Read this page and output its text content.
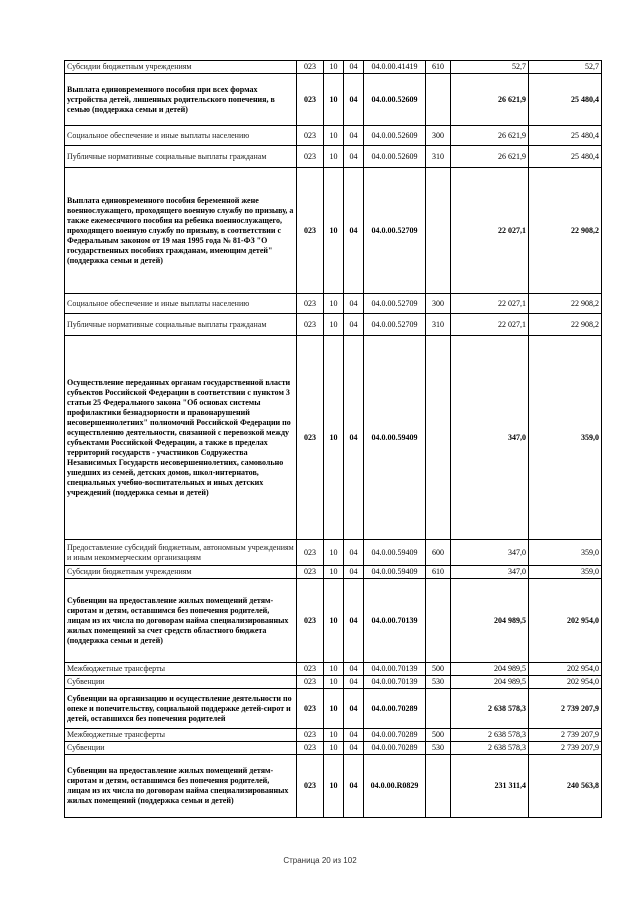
Субсидии бюджетным учреждениям	023	10	04	04.0.00.41419	610	52,7	52,7
Выплата единовременного пособия при всех формах устройства детей, лишенных родительского попечения, в семью (поддержка семьи и детей)	023	10	04	04.0.00.52609		26 621,9	25 480,4
Социальное обеспечение и иные выплаты населению	023	10	04	04.0.00.52609	300	26 621,9	25 480,4
Публичные нормативные социальные выплаты гражданам	023	10	04	04.0.00.52609	310	26 621,9	25 480,4
Выплата единовременного пособия беременной жене военнослужащего, проходящего военную службу по призыву, а также ежемесячного пособия на ребенка военнослужащего, проходящего военную службу по призыву, в соответствии с Федеральным законом от 19 мая 1995 года № 81-ФЗ "О государственных пособиях гражданам, имеющим детей" (поддержка семьи и детей)	023	10	04	04.0.00.52709		22 027,1	22 908,2
Социальное обеспечение и иные выплаты населению	023	10	04	04.0.00.52709	300	22 027,1	22 908,2
Публичные нормативные социальные выплаты гражданам	023	10	04	04.0.00.52709	310	22 027,1	22 908,2
Осуществление переданных органам государственной власти субъектов Российской Федерации в соответствии с пунктом 3 статьи 25 Федерального закона "Об основах системы профилактики безнадзорности и правонарушений несовершеннолетних" полномочий Российской Федерации по осуществлению деятельности, связанной с перевозкой между субъектами Российской Федерации, а также в пределах территорий государств - участников Содружества Независимых Государств несовершеннолетних, самовольно ушедших из семей, детских домов, школ-интернатов, специальных учебно-воспитательных и иных детских учреждений (поддержка семьи и детей)	023	10	04	04.0.00.59409		347,0	359,0
Предоставление субсидий бюджетным, автономным учреждениям и иным некоммерческим организациям	023	10	04	04.0.00.59409	600	347,0	359,0
Субсидии бюджетным учреждениям	023	10	04	04.0.00.59409	610	347,0	359,0
Субвенции на предоставление жилых помещений детям-сиротам и детям, оставшимся без попечения родителей, лицам из их числа по договорам найма специализированных жилых помещений за счет средств областного бюджета (поддержка семьи и детей)	023	10	04	04.0.00.70139		204 989,5	202 954,0
Межбюджетные трансферты	023	10	04	04.0.00.70139	500	204 989,5	202 954,0
Субвенции	023	10	04	04.0.00.70139	530	204 989,5	202 954,0
Субвенции на организацию и осуществление деятельности по опеке и попечительству, социальной поддержке детей-сирот и детей, оставшихся без попечения родителей	023	10	04	04.0.00.70289		2 638 578,3	2 739 207,9
Межбюджетные трансферты	023	10	04	04.0.00.70289	500	2 638 578,3	2 739 207,9
Субвенции	023	10	04	04.0.00.70289	530	2 638 578,3	2 739 207,9
Субвенции на предоставление жилых помещений детям-сиротам и детям, оставшимся без попечения родителей, лицам из их числа по договорам найма специализированных жилых помещений (поддержка семьи и детей)	023	10	04	04.0.00.R0829		231 311,4	240 563,8
Страница 20 из 102
